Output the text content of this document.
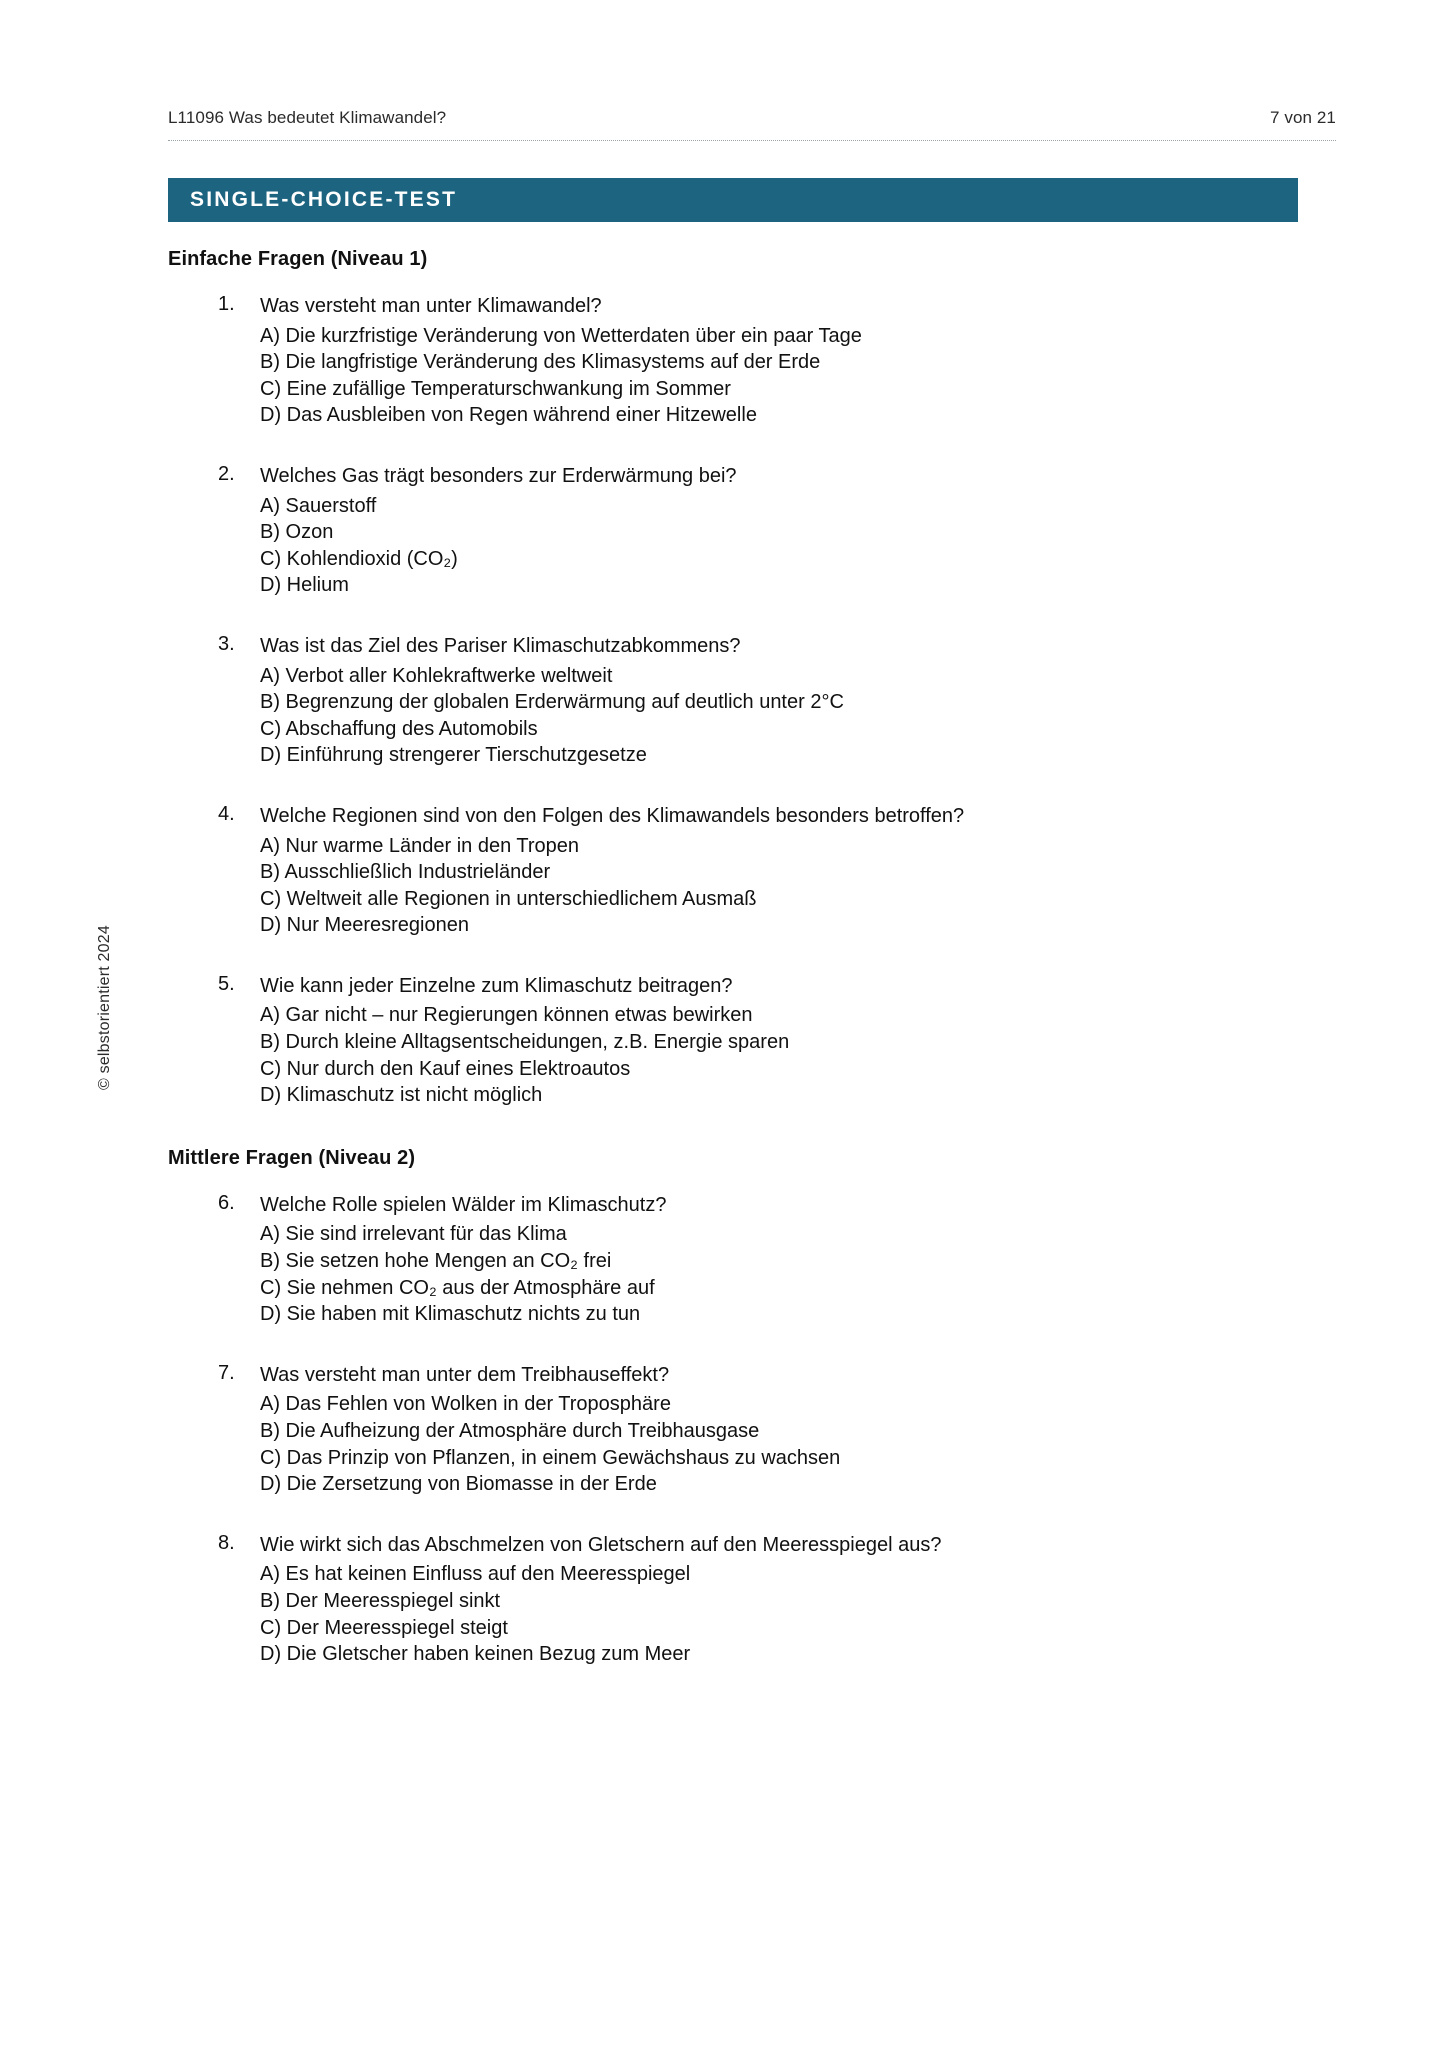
L11096 Was bedeutet Klimawandel?	7 von 21
© selbstorientiert 2024
SINGLE-CHOICE-TEST
Einfache Fragen (Niveau 1)
1. Was versteht man unter Klimawandel?
A) Die kurzfristige Veränderung von Wetterdaten über ein paar Tage
B) Die langfristige Veränderung des Klimasystems auf der Erde
C) Eine zufällige Temperaturschwankung im Sommer
D) Das Ausbleiben von Regen während einer Hitzewelle
2. Welches Gas trägt besonders zur Erderwärmung bei?
A) Sauerstoff
B) Ozon
C) Kohlendioxid (CO₂)
D) Helium
3. Was ist das Ziel des Pariser Klimaschutzabkommens?
A) Verbot aller Kohlekraftwerke weltweit
B) Begrenzung der globalen Erderwärmung auf deutlich unter 2°C
C) Abschaffung des Automobils
D) Einführung strengerer Tierschutzgesetze
4. Welche Regionen sind von den Folgen des Klimawandels besonders betroffen?
A) Nur warme Länder in den Tropen
B) Ausschließlich Industrieländer
C) Weltweit alle Regionen in unterschiedlichem Ausmaß
D) Nur Meeresregionen
5. Wie kann jeder Einzelne zum Klimaschutz beitragen?
A) Gar nicht – nur Regierungen können etwas bewirken
B) Durch kleine Alltagsentscheidungen, z.B. Energie sparen
C) Nur durch den Kauf eines Elektroautos
D) Klimaschutz ist nicht möglich
Mittlere Fragen (Niveau 2)
6. Welche Rolle spielen Wälder im Klimaschutz?
A) Sie sind irrelevant für das Klima
B) Sie setzen hohe Mengen an CO₂ frei
C) Sie nehmen CO₂ aus der Atmosphäre auf
D) Sie haben mit Klimaschutz nichts zu tun
7. Was versteht man unter dem Treibhauseffekt?
A) Das Fehlen von Wolken in der Troposphäre
B) Die Aufheizung der Atmosphäre durch Treibhausgase
C) Das Prinzip von Pflanzen, in einem Gewächshaus zu wachsen
D) Die Zersetzung von Biomasse in der Erde
8. Wie wirkt sich das Abschmelzen von Gletschern auf den Meeresspiegel aus?
A) Es hat keinen Einfluss auf den Meeresspiegel
B) Der Meeresspiegel sinkt
C) Der Meeresspiegel steigt
D) Die Gletscher haben keinen Bezug zum Meer
